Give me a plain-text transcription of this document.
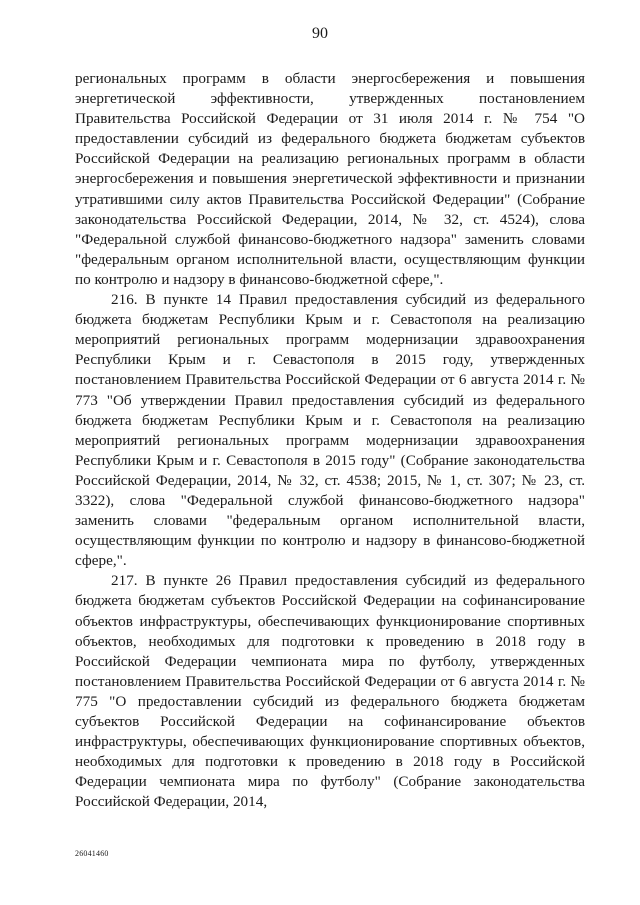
90

региональных программ в области энергосбережения и повышения энергетической эффективности, утвержденных постановлением Правительства Российской Федерации от 31 июля 2014 г. № 754 "О предоставлении субсидий из федерального бюджета бюджетам субъектов Российской Федерации на реализацию региональных программ в области энергосбережения и повышения энергетической эффективности и признании утратившими силу актов Правительства Российской Федерации" (Собрание законодательства Российской Федерации, 2014, № 32, ст. 4524), слова "Федеральной службой финансово-бюджетного надзора" заменить словами "федеральным органом исполнительной власти, осуществляющим функции по контролю и надзору в финансово-бюджетной сфере,".

216. В пункте 14 Правил предоставления субсидий из федерального бюджета бюджетам Республики Крым и г. Севастополя на реализацию мероприятий региональных программ модернизации здравоохранения Республики Крым и г. Севастополя в 2015 году, утвержденных постановлением Правительства Российской Федерации от 6 августа 2014 г. № 773 "Об утверждении Правил предоставления субсидий из федерального бюджета бюджетам Республики Крым и г. Севастополя на реализацию мероприятий региональных программ модернизации здравоохранения Республики Крым и г. Севастополя в 2015 году" (Собрание законодательства Российской Федерации, 2014, № 32, ст. 4538; 2015, № 1, ст. 307; № 23, ст. 3322), слова "Федеральной службой финансово-бюджетного надзора" заменить словами "федеральным органом исполнительной власти, осуществляющим функции по контролю и надзору в финансово-бюджетной сфере,".

217. В пункте 26 Правил предоставления субсидий из федерального бюджета бюджетам субъектов Российской Федерации на софинансирование объектов инфраструктуры, обеспечивающих функционирование спортивных объектов, необходимых для подготовки к проведению в 2018 году в Российской Федерации чемпионата мира по футболу, утвержденных постановлением Правительства Российской Федерации от 6 августа 2014 г. № 775 "О предоставлении субсидий из федерального бюджета бюджетам субъектов Российской Федерации на софинансирование объектов инфраструктуры, обеспечивающих функционирование спортивных объектов, необходимых для подготовки к проведению в 2018 году в Российской Федерации чемпионата мира по футболу" (Собрание законодательства Российской Федерации, 2014,

26041460
